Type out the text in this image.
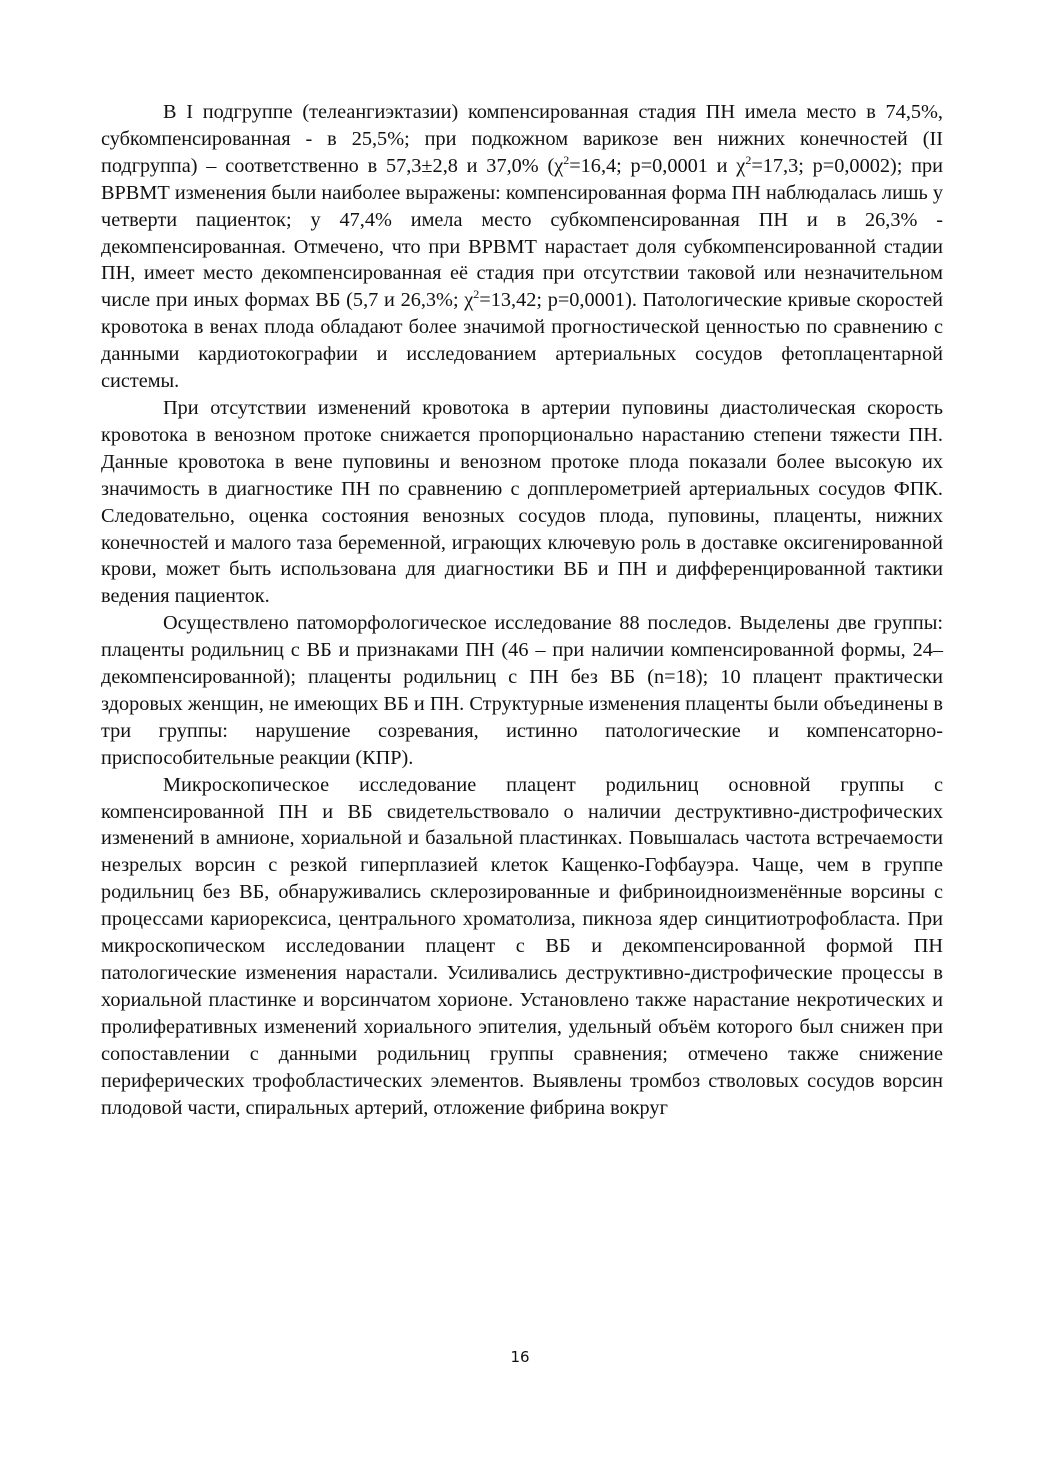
В I подгруппе (телеангиэктазии) компенсированная стадия ПН имела место в 74,5%, субкомпенсированная - в 25,5%; при подкожном варикозе вен нижних конечностей (II подгруппа) – соответственно в 57,3±2,8 и 37,0% ($\chi^2=16,4$; p=0,0001 и $\chi^2=17,3$; p=0,0002); при ВРВМТ изменения были наиболее выражены: компенсированная форма ПН наблюдалась лишь у четверти пациенток; у 47,4% имела место субкомпенсированная ПН и в 26,3% - декомпенсированная. Отмечено, что при ВРВМТ нарастает доля субкомпенсированной стадии ПН, имеет место декомпенсированная её стадия при отсутствии таковой или незначительном числе при иных формах ВБ (5,7 и 26,3%; $\chi^2=13,42$; p=0,0001). Патологические кривые скоростей кровотока в венах плода обладают более значимой прогностической ценностью по сравнению с данными кардиотокографии и исследованием артериальных сосудов фетоплацентарной системы.

При отсутствии изменений кровотока в артерии пуповины диастолическая скорость кровотока в венозном протоке снижается пропорционально нарастанию степени тяжести ПН. Данные кровотока в вене пуповины и венозном протоке плода показали более высокую их значимость в диагностике ПН по сравнению с допплерометрией артериальных сосудов ФПК. Следовательно, оценка состояния венозных сосудов плода, пуповины, плаценты, нижних конечностей и малого таза беременной, играющих ключевую роль в доставке оксигенированной крови, может быть использована для диагностики ВБ и ПН и дифференцированной тактики ведения пациенток.

Осуществлено патоморфологическое исследование 88 последов. Выделены две группы: плаценты родильниц с ВБ и признаками ПН (46 – при наличии компенсированной формы, 24– декомпенсированной); плаценты родильниц с ПН без ВБ (n=18); 10 плацент практически здоровых женщин, не имеющих ВБ и ПН. Структурные изменения плаценты были объединены в три группы: нарушение созревания, истинно патологические и компенсаторно-приспособительные реакции (КПР).

Микроскопическое исследование плацент родильниц основной группы с компенсированной ПН и ВБ свидетельствовало о наличии деструктивно-дистрофических изменений в амнионе, хориальной и базальной пластинках. Повышалась частота встречаемости незрелых ворсин с резкой гиперплазией клеток Кащенко-Гофбауэра. Чаще, чем в группе родильниц без ВБ, обнаруживались склерозированные и фибриноидноизменённые ворсины с процессами кариорексиса, центрального хроматолиза, пикноза ядер синцитиотрофобласта. При микроскопическом исследовании плацент с ВБ и декомпенсированной формой ПН патологические изменения нарастали. Усиливались деструктивно-дистрофические процессы в хориальной пластинке и ворсинчатом хорионе. Установлено также нарастание некротических и пролиферативных изменений хориального эпителия, удельный объём которого был снижен при сопоставлении с данными родильниц группы сравнения; отмечено также снижение периферических трофобластических элементов. Выявлены тромбоз стволовых сосудов ворсин плодовой части, спиральных артерий, отложение фибрина вокруг

16
